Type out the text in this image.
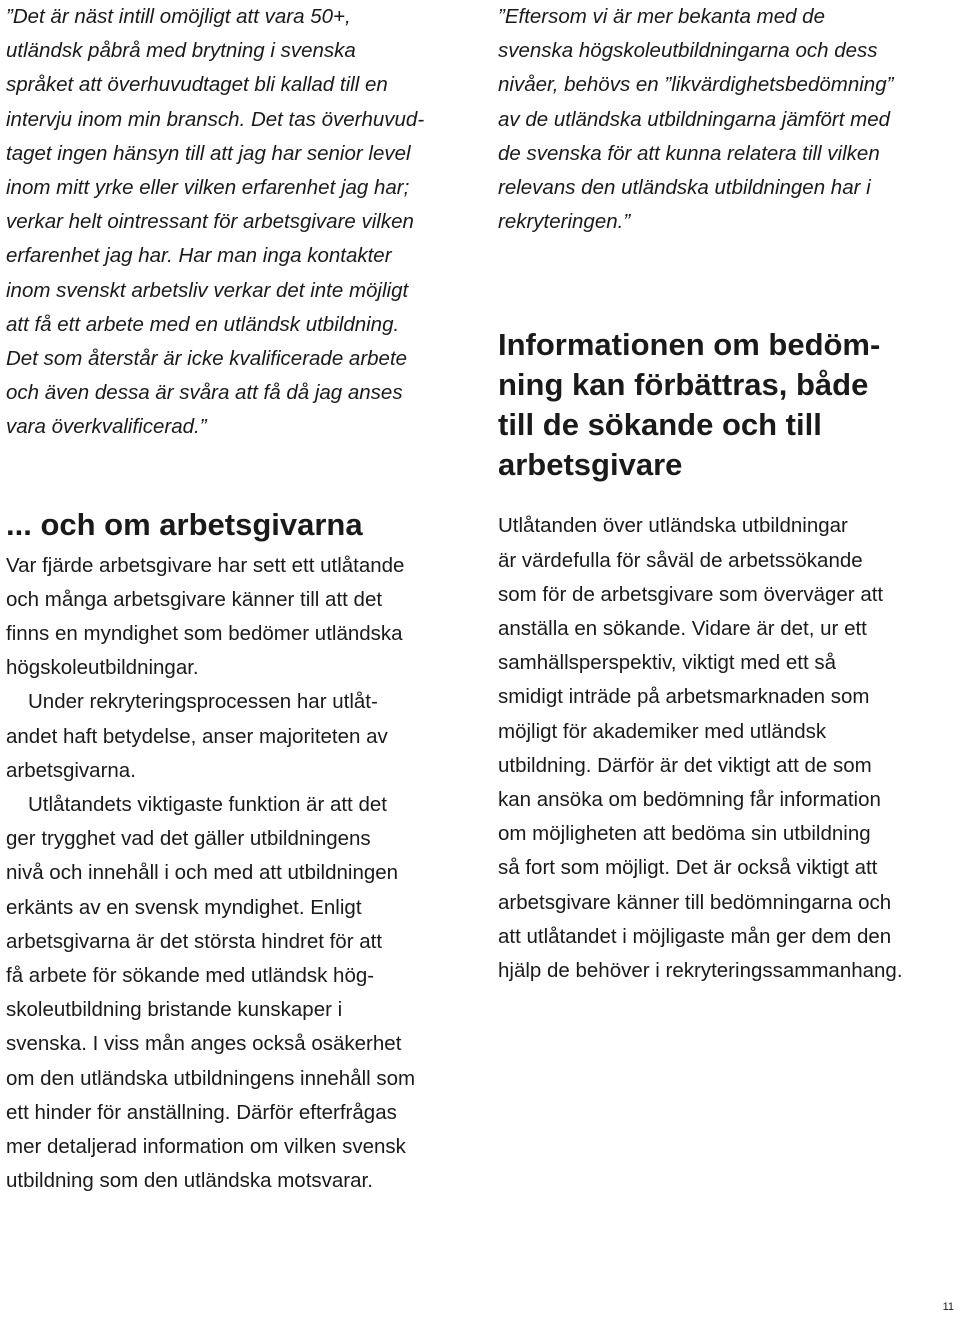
”Det är näst intill omöjligt att vara 50+,
utländsk påbrå med brytning i svenska
språket att överhuvudtaget bli kallad till en
intervju inom min bransch. Det tas överhuvud-
taget ingen hänsyn till att jag har senior level
inom mitt yrke eller vilken erfarenhet jag har;
verkar helt ointressant för arbetsgivare vilken
erfarenhet jag har. Har man inga kontakter
inom svenskt arbetsliv verkar det inte möjligt
att få ett arbete med en utländsk utbildning.
Det som återstår är icke kvalificerade arbete
och även dessa är svåra att få då jag anses
vara överkvalificerad.”

... och om arbetsgivarna

Var fjärde arbetsgivare har sett ett utlåtande
och många arbetsgivare känner till att det
finns en myndighet som bedömer utländska
högskoleutbildningar.

Under rekryteringsprocessen har utlåt-
andet haft betydelse, anser majoriteten av
arbetsgivarna.

Utlåtandets viktigaste funktion är att det
ger trygghet vad det gäller utbildningens
nivå och innehåll i och med att utbildningen
erkänts av en svensk myndighet. Enligt
arbetsgivarna är det största hindret för att
få arbete för sökande med utländsk hög-
skoleutbildning bristande kunskaper i
svenska. I viss mån anges också osäkerhet
om den utländska utbildningens innehåll som
ett hinder för anställning. Därför efterfrågas
mer detaljerad information om vilken svensk
utbildning som den utländska motsvarar.

”Eftersom vi är mer bekanta med de
svenska högskoleutbildningarna och dess
nivåer, behövs en ”likvärdighetsbedömning”
av de utländska utbildningarna jämfört med
de svenska för att kunna relatera till vilken
relevans den utländska utbildningen har i
rekryteringen.”

Informationen om bedöm-
ning kan förbättras, både
till de sökande och till
arbetsgivare

Utlåtanden över utländska utbildningar
är värdefulla för såväl de arbetssökande
som för de arbetsgivare som överväger att
anställa en sökande. Vidare är det, ur ett
samhällsperspektiv, viktigt med ett så
smidigt inträde på arbetsmarknaden som
möjligt för akademiker med utländsk
utbildning. Därför är det viktigt att de som
kan ansöka om bedömning får information
om möjligheten att bedöma sin utbildning
så fort som möjligt. Det är också viktigt att
arbetsgivare känner till bedömningarna och
att utlåtandet i möjligaste mån ger dem den
hjälp de behöver i rekryteringssammanhang.

11
